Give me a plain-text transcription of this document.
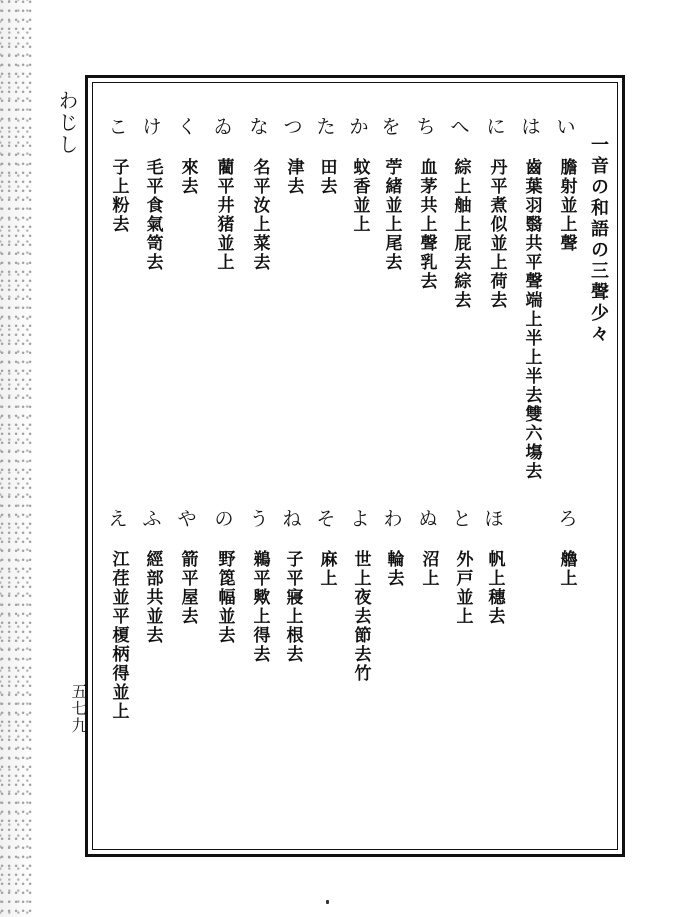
わじし
五七九
一音の和語の三聲少々
い
膽射並上聲
は
齒葉羽翳共平聲端上半上半去雙六塲去
に
丹平煮似並上荷去
へ
綜上舳上屁去綜去
ち
血茅共上聲乳去
を
苧緒並上尾去
か
蚊香並上
た
田去
つ
津去
な
名平汝上菜去
ゐ
藺平井猪並上
く
來去
け
毛平食氣笥去
こ
子上粉去
ろ
艪上
ほ
帆上穗去
と
外戸並上
ぬ
沼上
わ
輪去
よ
世上夜去節去竹
そ
麻上
ね
子平寢上根去
う
鵜平歟上得去
の
野箆幅並去
や
箭平屋去
ふ
經部共並去
え
江荏並平榎柄得並上
